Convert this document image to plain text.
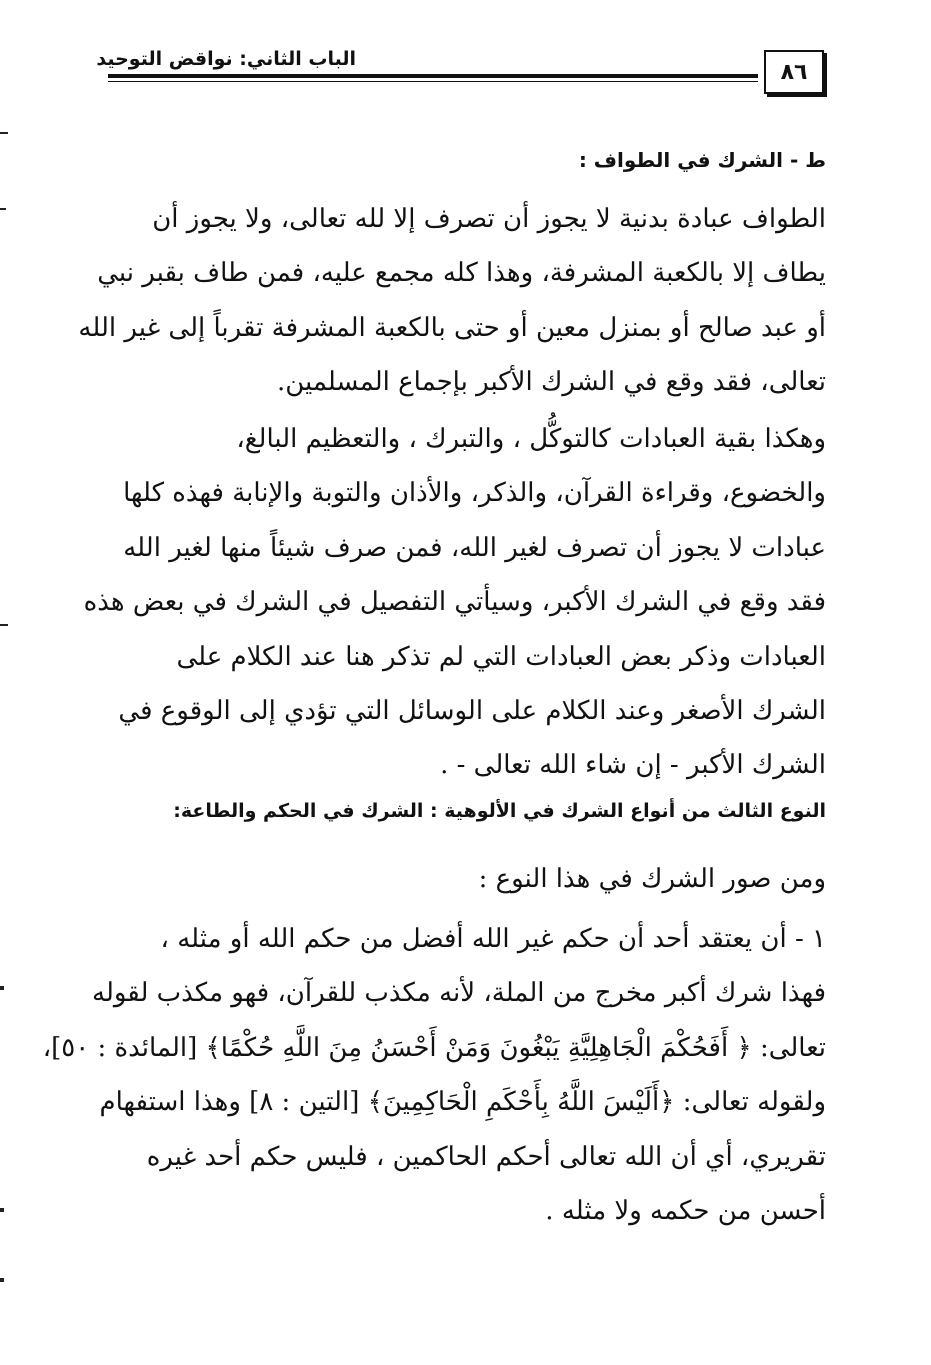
الباب الثاني: نواقض التوحيد
٨٦
ط - الشرك في الطواف :
الطواف عبادة بدنية لا يجوز أن تصرف إلا لله تعالى، ولا يجوز أن
يطاف إلا بالكعبة المشرفة، وهذا كله مجمع عليه، فمن طاف بقبر نبي
أو عبد صالح أو بمنزل معين أو حتى بالكعبة المشرفة تقرباً إلى غير الله
تعالى، فقد وقع في الشرك الأكبر بإجماع المسلمين.
وهكذا بقية العبادات كالتوكُّل ، والتبرك ، والتعظيم البالغ،
والخضوع، وقراءة القرآن، والذكر، والأذان والتوبة والإنابة فهذه كلها
عبادات لا يجوز أن تصرف لغير الله، فمن صرف شيئاً منها لغير الله
فقد وقع في الشرك الأكبر، وسيأتي التفصيل في الشرك في بعض هذه
العبادات وذكر بعض العبادات التي لم تذكر هنا عند الكلام على
الشرك الأصغر وعند الكلام على الوسائل التي تؤدي إلى الوقوع في
الشرك الأكبر - إن شاء الله تعالى - .
النوع الثالث من أنواع الشرك في الألوهية : الشرك في الحكم والطاعة:
ومن صور الشرك في هذا النوع :
١ - أن يعتقد أحد أن حكم غير الله أفضل من حكم الله أو مثله ،
فهذا شرك أكبر مخرج من الملة، لأنه مكذب للقرآن، فهو مكذب لقوله
تعالى: ﴿ أَفَحُكْمَ الْجَاهِلِيَّةِ يَبْغُونَ وَمَنْ أَحْسَنُ مِنَ اللَّهِ حُكْمًا﴾ [المائدة : ٥٠]،
ولقوله تعالى: ﴿أَلَيْسَ اللَّهُ بِأَحْكَمِ الْحَاكِمِينَ﴾ [التين : ٨] وهذا استفهام
تقريري، أي أن الله تعالى أحكم الحاكمين ، فليس حكم أحد غيره
أحسن من حكمه ولا مثله .
